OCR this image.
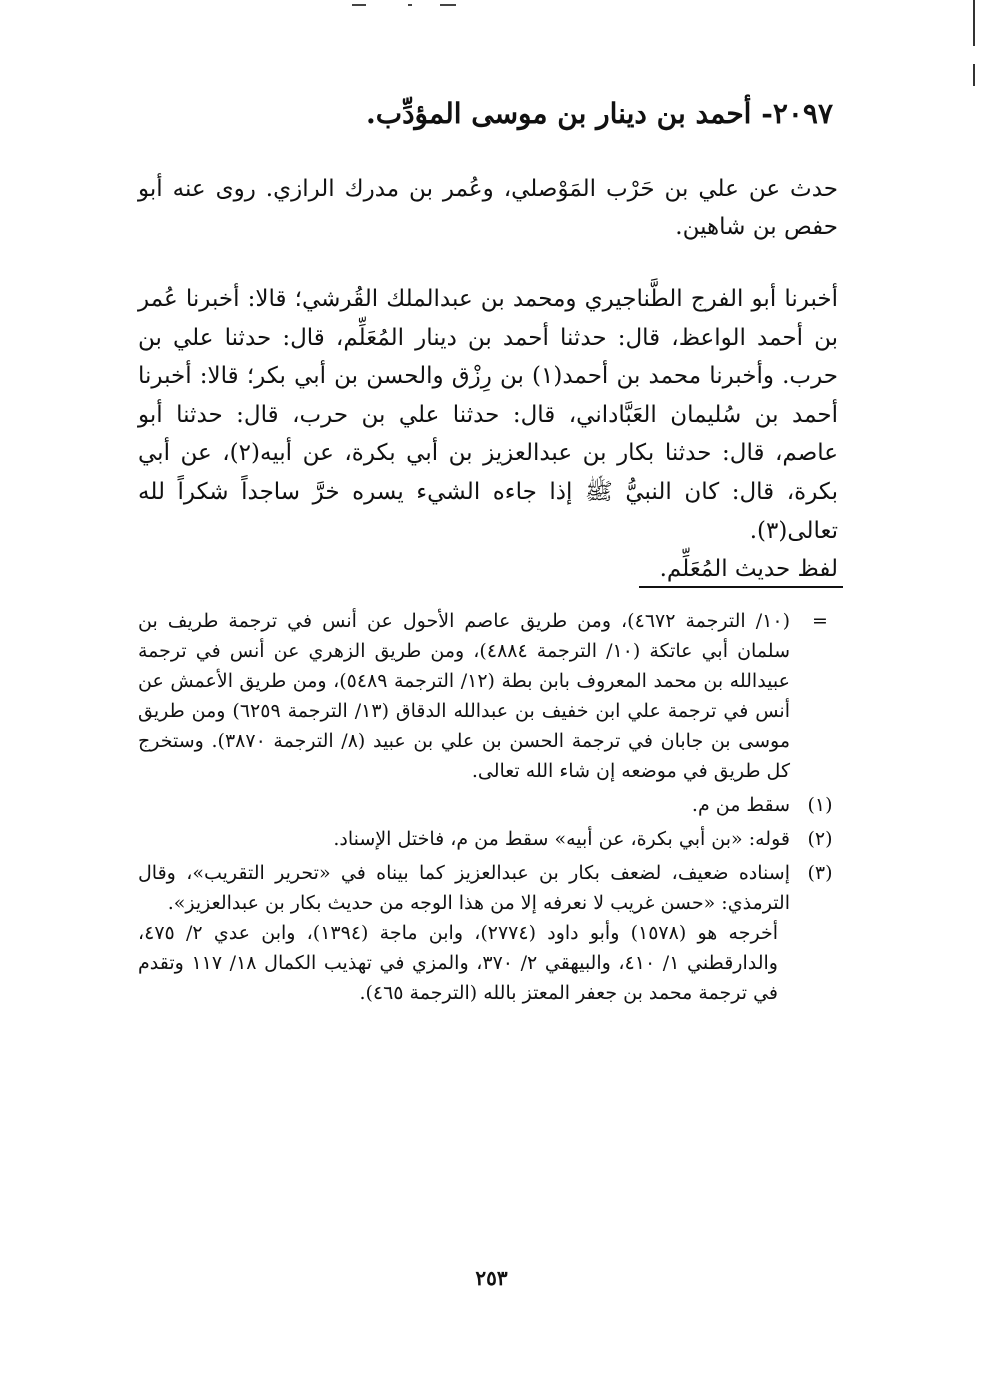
٢٠٩٧- أحمد بن دينار بن موسى المؤدِّب.

حدث عن علي بن حَرْب المَوْصلي، وعُمر بن مدرك الرازي. روى عنه أبو حفص بن شاهين.

أخبرنا أبو الفرج الطَّناجيري ومحمد بن عبدالملك القُرشي؛ قالا: أخبرنا عُمر بن أحمد الواعظ، قال: حدثنا أحمد بن دينار المُعَلِّم، قال: حدثنا علي بن حرب. وأخبرنا محمد بن أحمد(١) بن رِزْق والحسن بن أبي بكر؛ قالا: أخبرنا أحمد بن سُليمان العَبَّاداني، قال: حدثنا علي بن حرب، قال: حدثنا أبو عاصم، قال: حدثنا بكار بن عبدالعزيز بن أبي بكرة، عن أبيه(٢)، عن أبي بكرة، قال: كان النبيُّ ﷺ إذا جاءه الشيء يسره خرَّ ساجداً شكراً لله تعالى(٣).

لفظ حديث المُعَلِّم.

=
(١٠/ الترجمة ٤٦٧٢)، ومن طريق عاصم الأحول عن أنس في ترجمة طريف بن سلمان أبي عاتكة (١٠/ الترجمة ٤٨٨٤)، ومن طريق الزهري عن أنس في ترجمة عبيدالله بن محمد المعروف بابن بطة (١٢/ الترجمة ٥٤٨٩)، ومن طريق الأعمش عن أنس في ترجمة علي ابن خفيف بن عبدالله الدقاق (١٣/ الترجمة ٦٢٥٩) ومن طريق موسى بن جابان في ترجمة الحسن بن علي بن عبيد (٨/ الترجمة ٣٨٧٠). وستخرج كل طريق في موضعه إن شاء الله تعالى.
(١)
سقط من م.
(٢)
قوله: «بن أبي بكرة، عن أبيه» سقط من م، فاختل الإسناد.
(٣)
إسناده ضعيف، لضعف بكار بن عبدالعزيز كما بيناه في «تحرير التقريب»، وقال الترمذي: «حسن غريب لا نعرفه إلا من هذا الوجه من حديث بكار بن عبدالعزيز».

أخرجه هو (١٥٧٨) وأبو داود (٢٧٧٤)، وابن ماجة (١٣٩٤)، وابن عدي ٢/ ٤٧٥، والدارقطني ١/ ٤١٠، والبيهقي ٢/ ٣٧٠، والمزي في تهذيب الكمال ١٨/ ١١٧ وتقدم في ترجمة محمد بن جعفر المعتز بالله (الترجمة ٤٦٥).

٢٥٣
